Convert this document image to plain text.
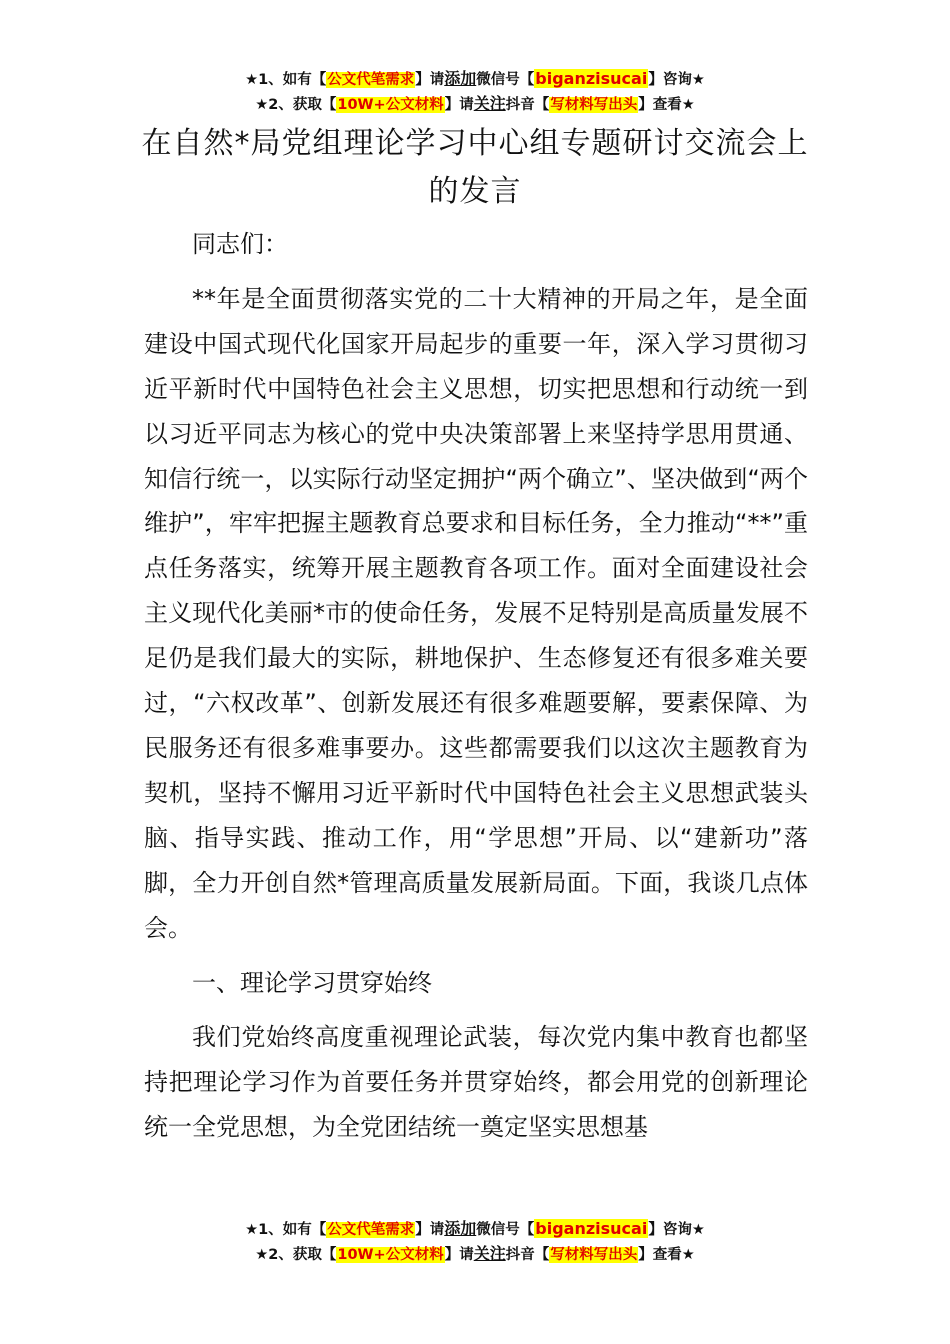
★1、如有【公文代笔需求】请添加微信号【biganzisucai】咨询★
★2、获取【10W+公文材料】请关注抖音【写材料写出头】查看★
在自然*局党组理论学习中心组专题研讨交流会上的发言

同志们：

**年是全面贯彻落实党的二十大精神的开局之年，是全面建设中国式现代化国家开局起步的重要一年，深入学习贯彻习近平新时代中国特色社会主义思想，切实把思想和行动统一到以习近平同志为核心的党中央决策部署上来坚持学思用贯通、知信行统一，以实际行动坚定拥护“两个确立”、坚决做到“两个维护”，牢牢把握主题教育总要求和目标任务，全力推动“**”重点任务落实，统筹开展主题教育各项工作。面对全面建设社会主义现代化美丽*市的使命任务，发展不足特别是高质量发展不足仍是我们最大的实际，耕地保护、生态修复还有很多难关要过，“六权改革”、创新发展还有很多难题要解，要素保障、为民服务还有很多难事要办。这些都需要我们以这次主题教育为契机，坚持不懈用习近平新时代中国特色社会主义思想武装头脑、指导实践、推动工作，用“学思想”开局、以“建新功”落脚，全力开创自然*管理高质量发展新局面。下面，我谈几点体会。

一、理论学习贯穿始终

我们党始终高度重视理论武装，每次党内集中教育也都坚持把理论学习作为首要任务并贯穿始终，都会用党的创新理论统一全党思想，为全党团结统一奠定坚实思想基

★1、如有【公文代笔需求】请添加微信号【biganzisucai】咨询★
★2、获取【10W+公文材料】请关注抖音【写材料写出头】查看★
